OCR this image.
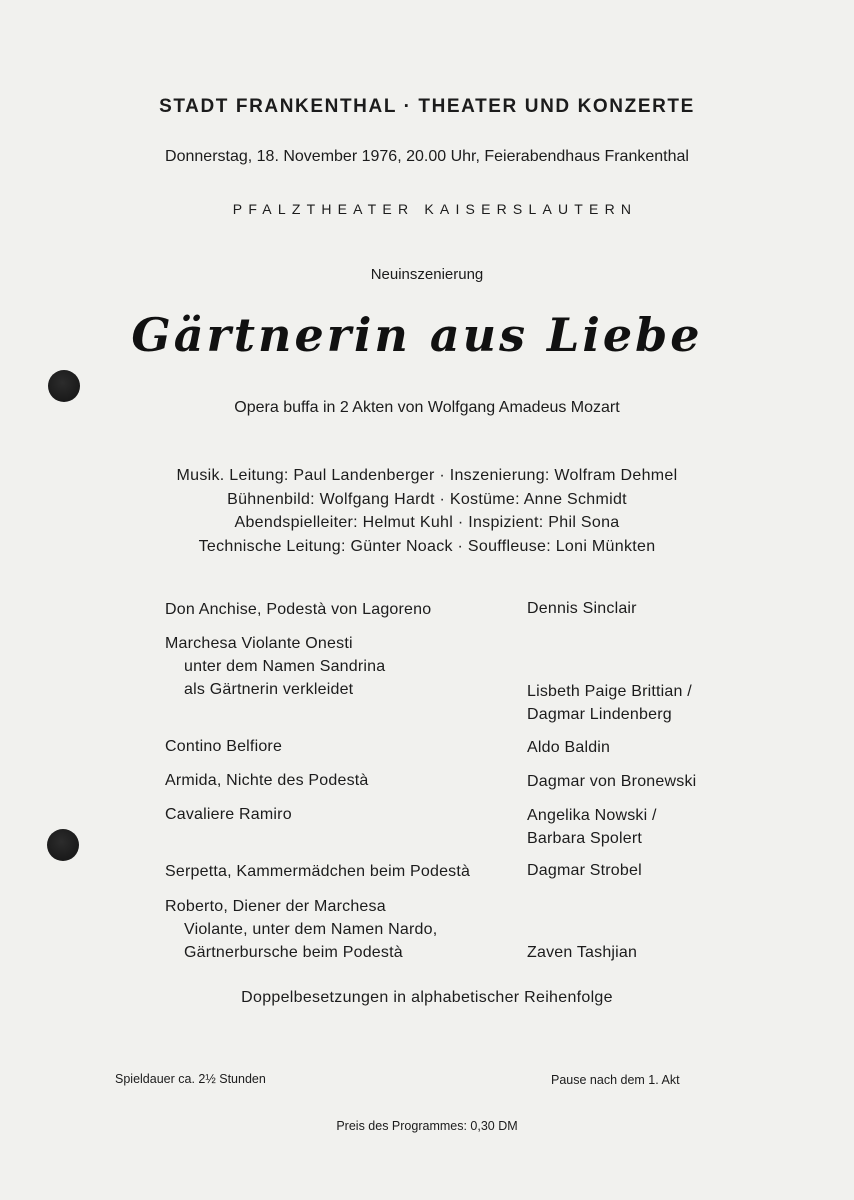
STADT FRANKENTHAL · THEATER UND KONZERTE
Donnerstag, 18. November 1976, 20.00 Uhr, Feierabendhaus Frankenthal
PFALZTHEATER KAISERSLAUTERN
Neuinszenierung
Gärtnerin aus Liebe
Opera buffa in 2 Akten von Wolfgang Amadeus Mozart
Musik. Leitung: Paul Landenberger · Inszenierung: Wolfram Dehmel
Bühnenbild: Wolfgang Hardt · Kostüme: Anne Schmidt
Abendspielleiter: Helmut Kuhl · Inspizient: Phil Sona
Technische Leitung: Günter Noack · Souffleuse: Loni Münkten
Don Anchise, Podestà von Lagoreno	Dennis Sinclair
Marchesa Violante Onesti
unter dem Namen Sandrina
als Gärtnerin verkleidet	Lisbeth Paige Brittian /
Dagmar Lindenberg
Contino Belfiore	Aldo Baldin
Armida, Nichte des Podestà	Dagmar von Bronewski
Cavaliere Ramiro	Angelika Nowski /
Barbara Spolert
Serpetta, Kammermädchen beim Podestà	Dagmar Strobel
Roberto, Diener der Marchesa
Violante, unter dem Namen Nardo,
Gärtnerbursche beim Podestà	Zaven Tashjian
Doppelbesetzungen in alphabetischer Reihenfolge
Spieldauer ca. 2½ Stunden	Pause nach dem 1. Akt
Preis des Programmes: 0,30 DM
